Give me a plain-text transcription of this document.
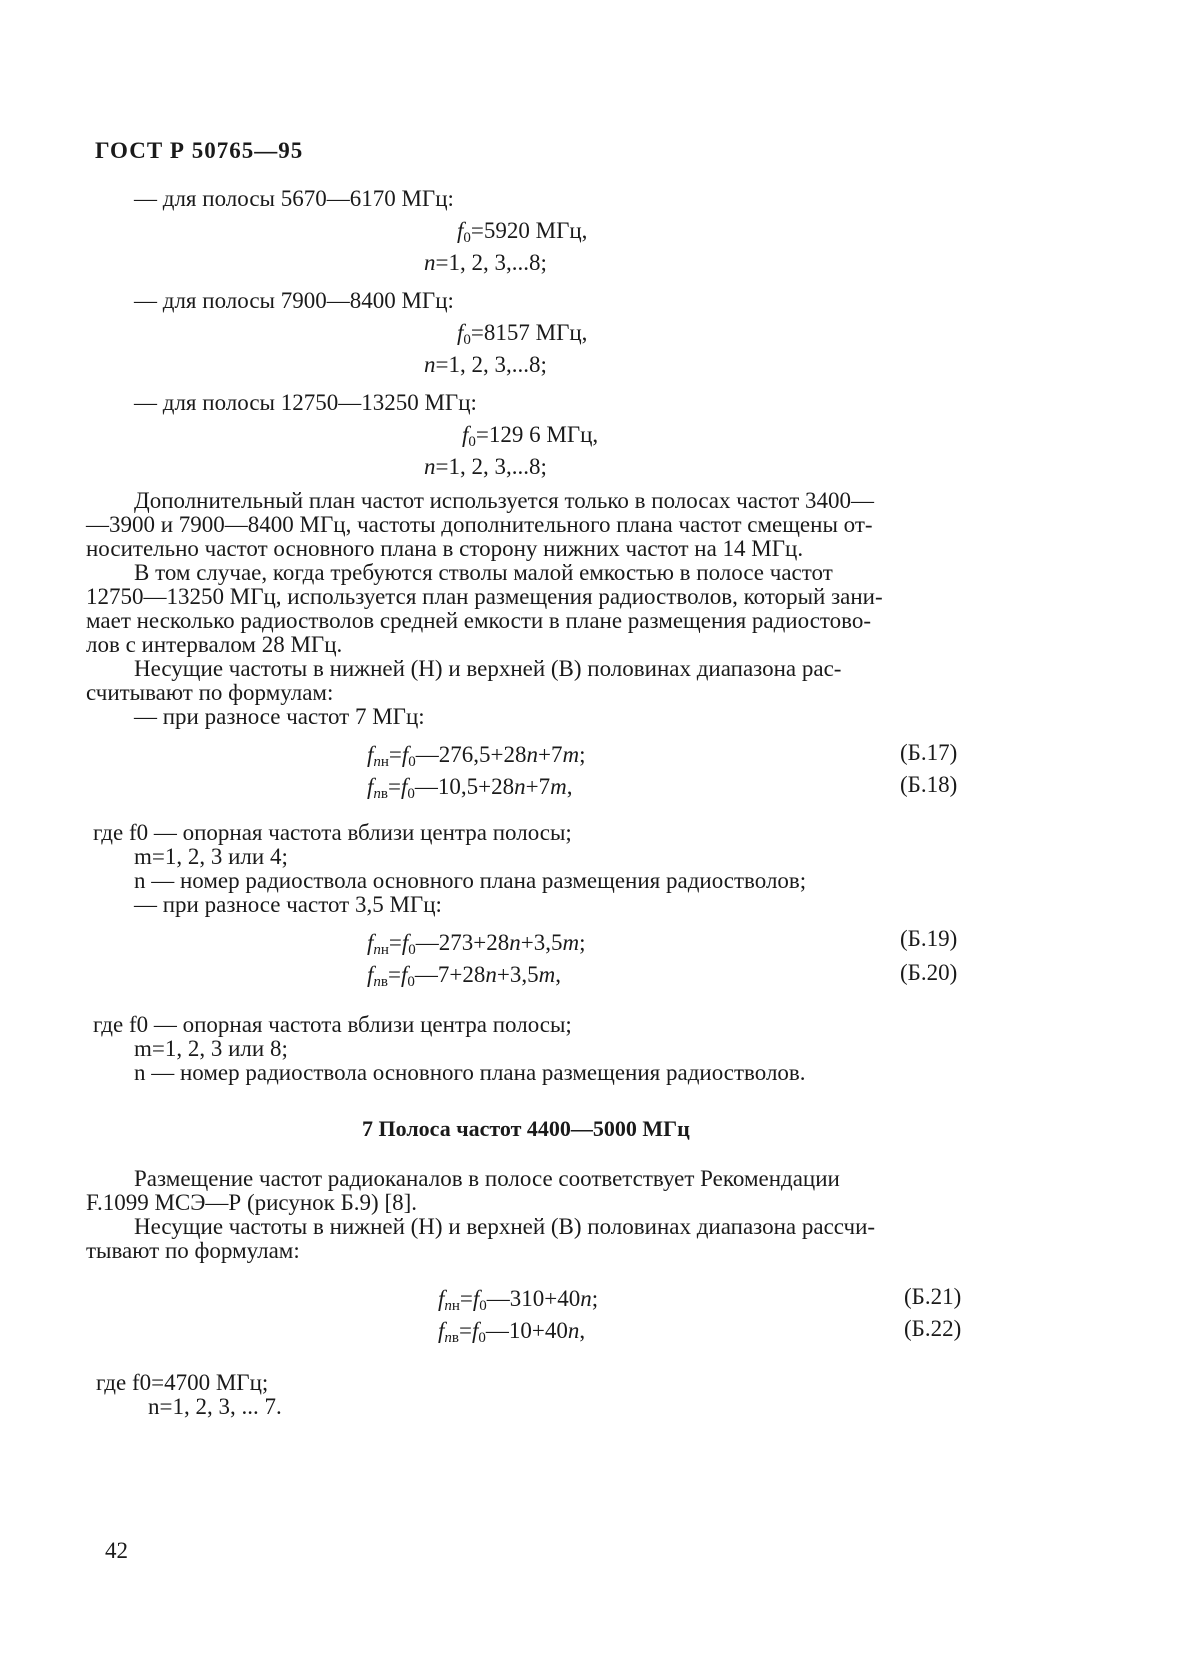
ГОСТ Р 50765—95
— для полосы 5670—6170 МГц:
$f_0=5920$ МГц,
n=1, 2, 3,...8;
— для полосы 7900—8400 МГц:
$f_0=8157$ МГц,
n=1, 2, 3,...8;
— для полосы 12750—13250 МГц:
$f_0=129$ 6 МГц,
n=1, 2, 3,...8;
Дополнительный план частот используется только в полосах частот 3400—
—3900 и 7900—8400 МГц, частоты дополнительного плана частот смещены от-
носительно частот основного плана в сторону нижних частот на 14 МГц.
В том случае, когда требуются стволы малой емкостью в полосе частот
12750—13250 МГц, используется план размещения радиостволов, который зани-
мает несколько радиостволов средней емкости в плане размещения радиостово-
лов с интервалом 28 МГц.
Несущие частоты в нижней (Н) и верхней (В) половинах диапазона рас-
считывают по формулам:
— при разносе частот 7 МГц:
$f_{nн}=f_0—276,5+28n+7m$;	(Б.17)
$f_{nв}=f_0—10,5+28n+7m$,	(Б.18)
где f0 — опорная частота вблизи центра полосы;
m=1, 2, 3 или 4;
n — номер радиоствола основного плана размещения радиостволов;
— при разносе частот 3,5 МГц:
$f_{nн}=f_0—273+28n+3,5m$;	(Б.19)
$f_{nв}=f_0—7+28n+3,5m$,	(Б.20)
где f0 — опорная частота вблизи центра полосы;
m=1, 2, 3 или 8;
n — номер радиоствола основного плана размещения радиостволов.
7 Полоса частот 4400—5000 МГц
Размещение частот радиоканалов в полосе соответствует Рекомендации
F.1099 МСЭ—Р (рисунок Б.9) [8].
Несущие частоты в нижней (Н) и верхней (В) половинах диапазона рассчи-
тывают по формулам:
$f_{nн}=f_0—310+40n$;	(Б.21)
$f_{nв}=f_0—10+40n$,	(Б.22)
где f0=4700 МГц;
n=1, 2, 3, ... 7.
42
